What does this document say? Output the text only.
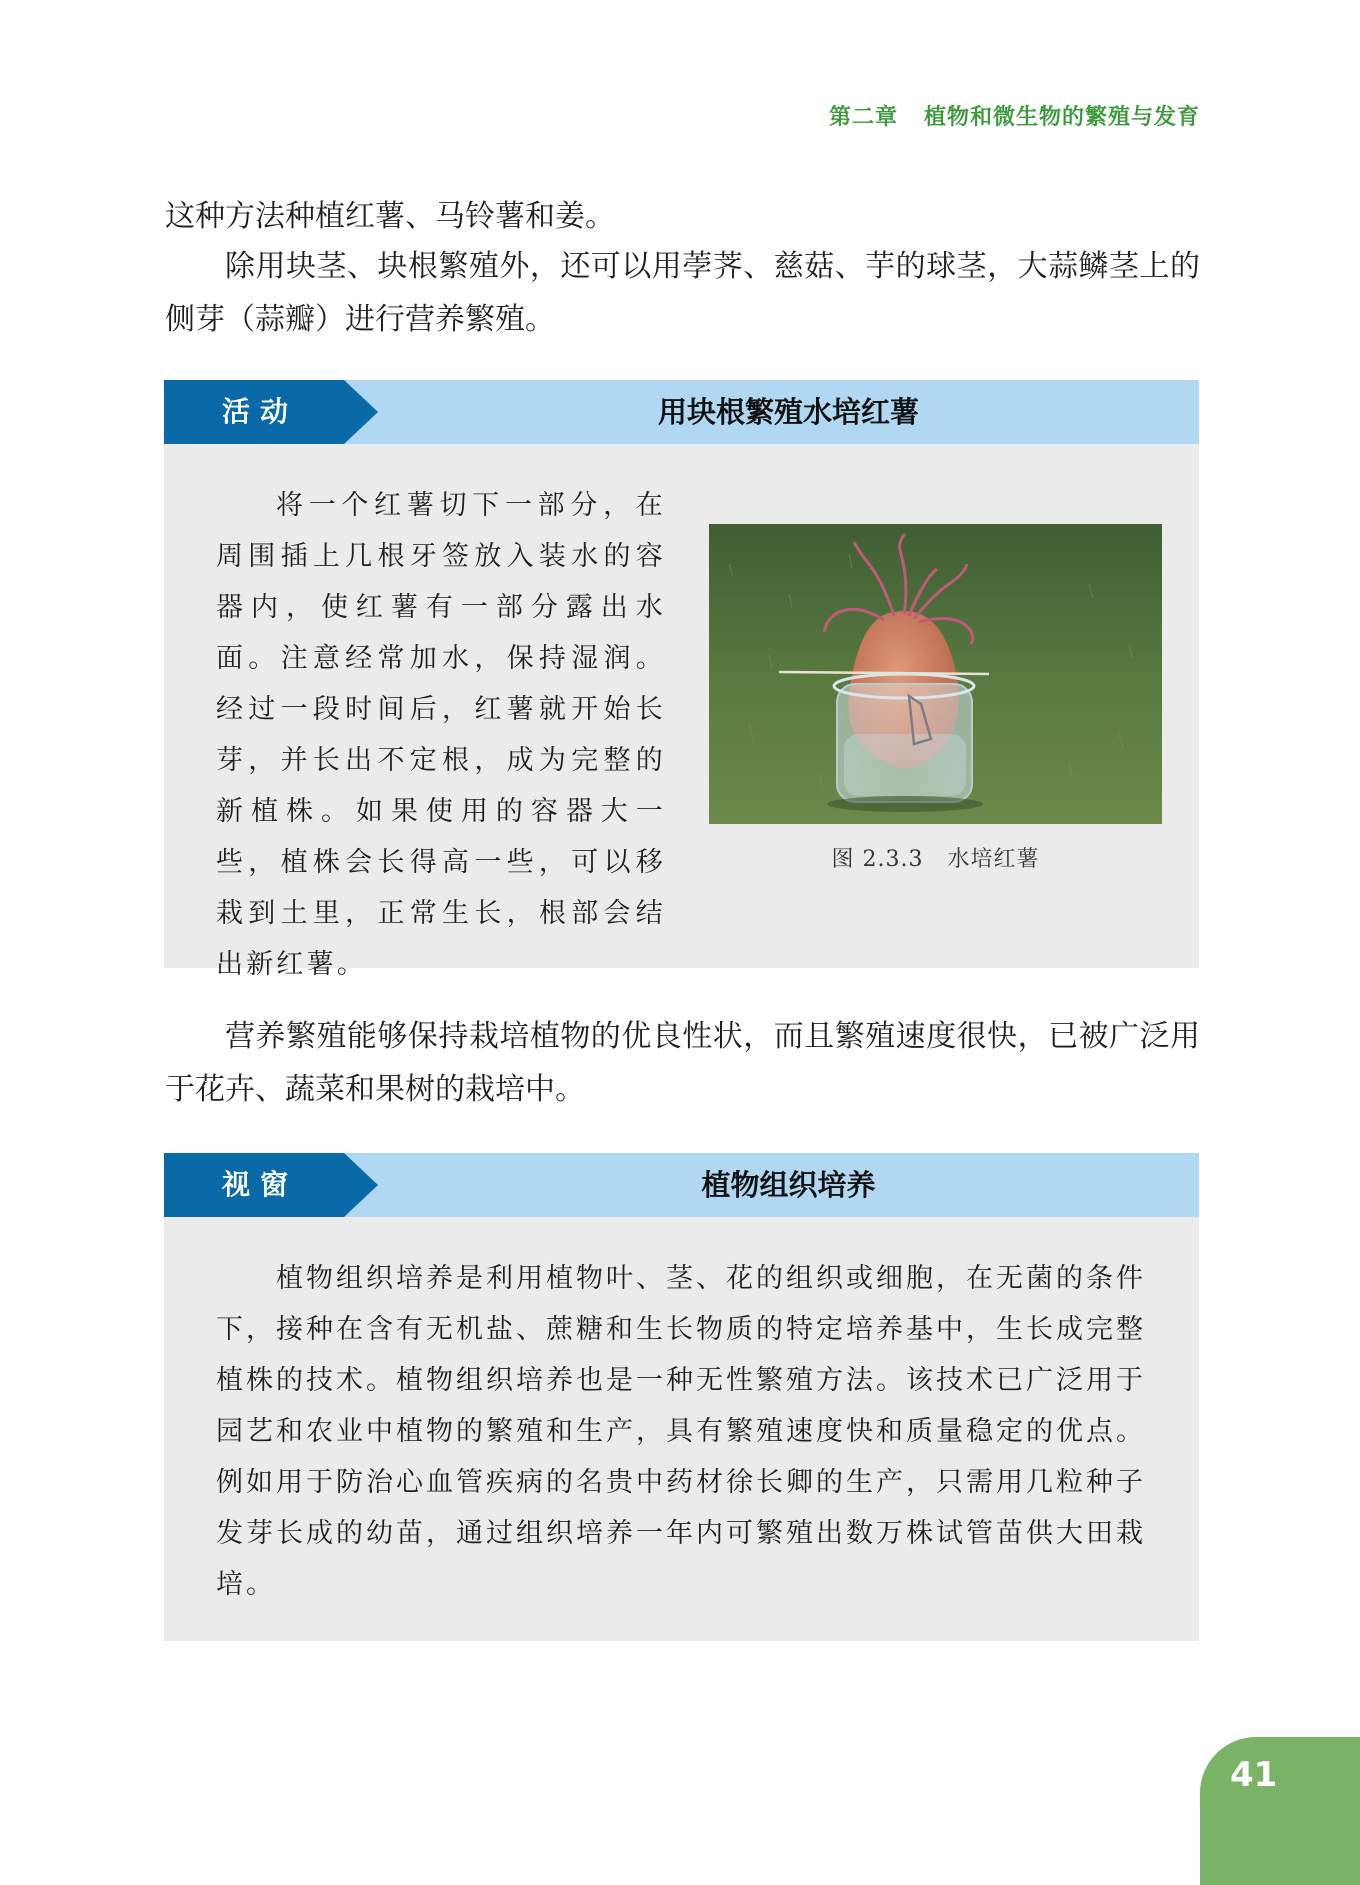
第二章 植物和微生物的繁殖与发育

这种方法种植红薯、马铃薯和姜。

除用块茎、块根繁殖外，还可以用荸荠、慈菇、芋的球茎，大蒜鳞茎上的侧芽（蒜瓣）进行营养繁殖。

活动	用块根繁殖水培红薯

将一个红薯切下一部分，在周围插上几根牙签放入装水的容器内，使红薯有一部分露出水面。注意经常加水，保持湿润。经过一段时间后，红薯就开始长芽，并长出不定根，成为完整的新植株。如果使用的容器大一些，植株会长得高一些，可以移栽到土里，正常生长，根部会结出新红薯。

图 2.3.3 水培红薯

营养繁殖能够保持栽培植物的优良性状，而且繁殖速度很快，已被广泛用于花卉、蔬菜和果树的栽培中。

视窗	植物组织培养

植物组织培养是利用植物叶、茎、花的组织或细胞，在无菌的条件下，接种在含有无机盐、蔗糖和生长物质的特定培养基中，生长成完整植株的技术。植物组织培养也是一种无性繁殖方法。该技术已广泛用于园艺和农业中植物的繁殖和生产，具有繁殖速度快和质量稳定的优点。例如用于防治心血管疾病的名贵中药材徐长卿的生产，只需用几粒种子发芽长成的幼苗，通过组织培养一年内可繁殖出数万株试管苗供大田栽培。

41
